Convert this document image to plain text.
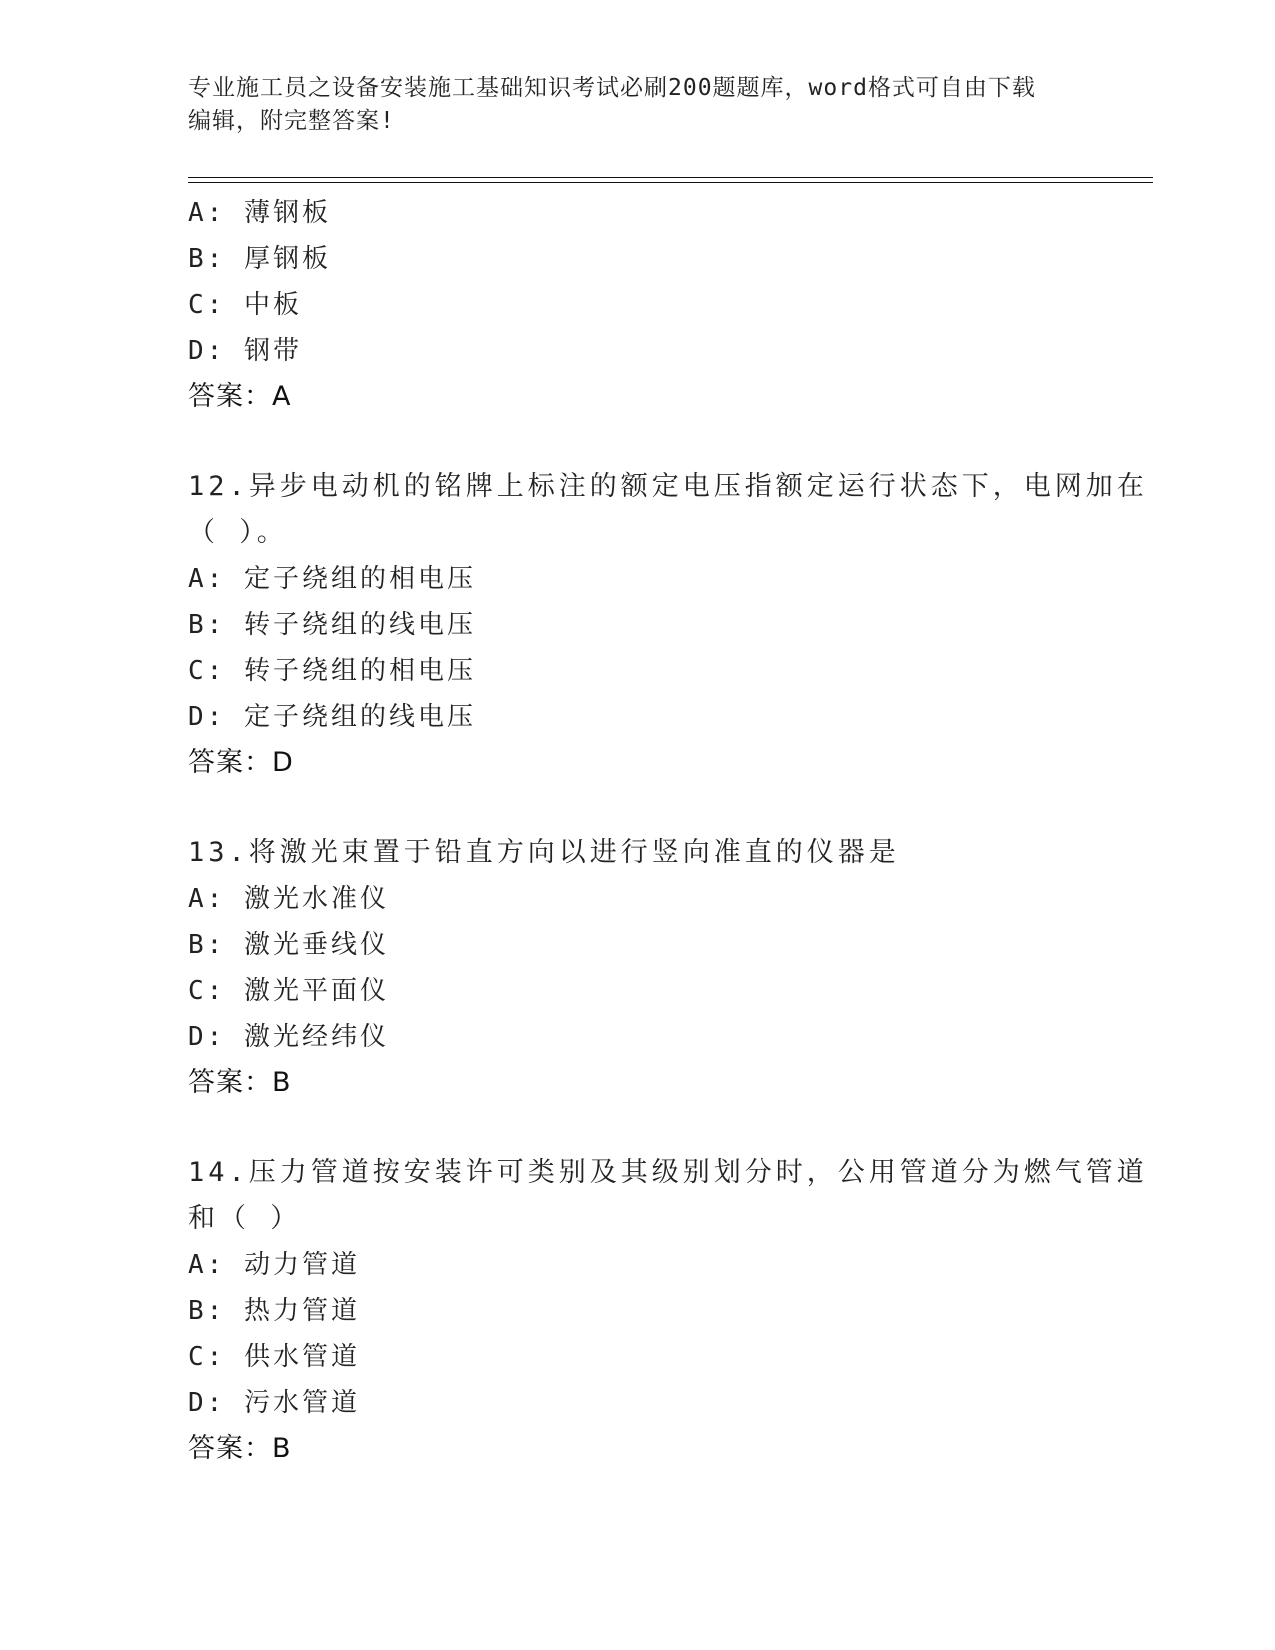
专业施工员之设备安装施工基础知识考试必刷200题题库，word格式可自由下载
编辑，附完整答案!
A: 薄钢板
B: 厚钢板
C: 中板
D: 钢带
答案：A
12.异步电动机的铭牌上标注的额定电压指额定运行状态下，电网加在
（ ）。
A: 定子绕组的相电压
B: 转子绕组的线电压
C: 转子绕组的相电压
D: 定子绕组的线电压
答案：D
13.将激光束置于铅直方向以进行竖向准直的仪器是
A: 激光水准仪
B: 激光垂线仪
C: 激光平面仪
D: 激光经纬仪
答案：B
14.压力管道按安装许可类别及其级别划分时，公用管道分为燃气管道
和（ ）
A: 动力管道
B: 热力管道
C: 供水管道
D: 污水管道
答案：B
